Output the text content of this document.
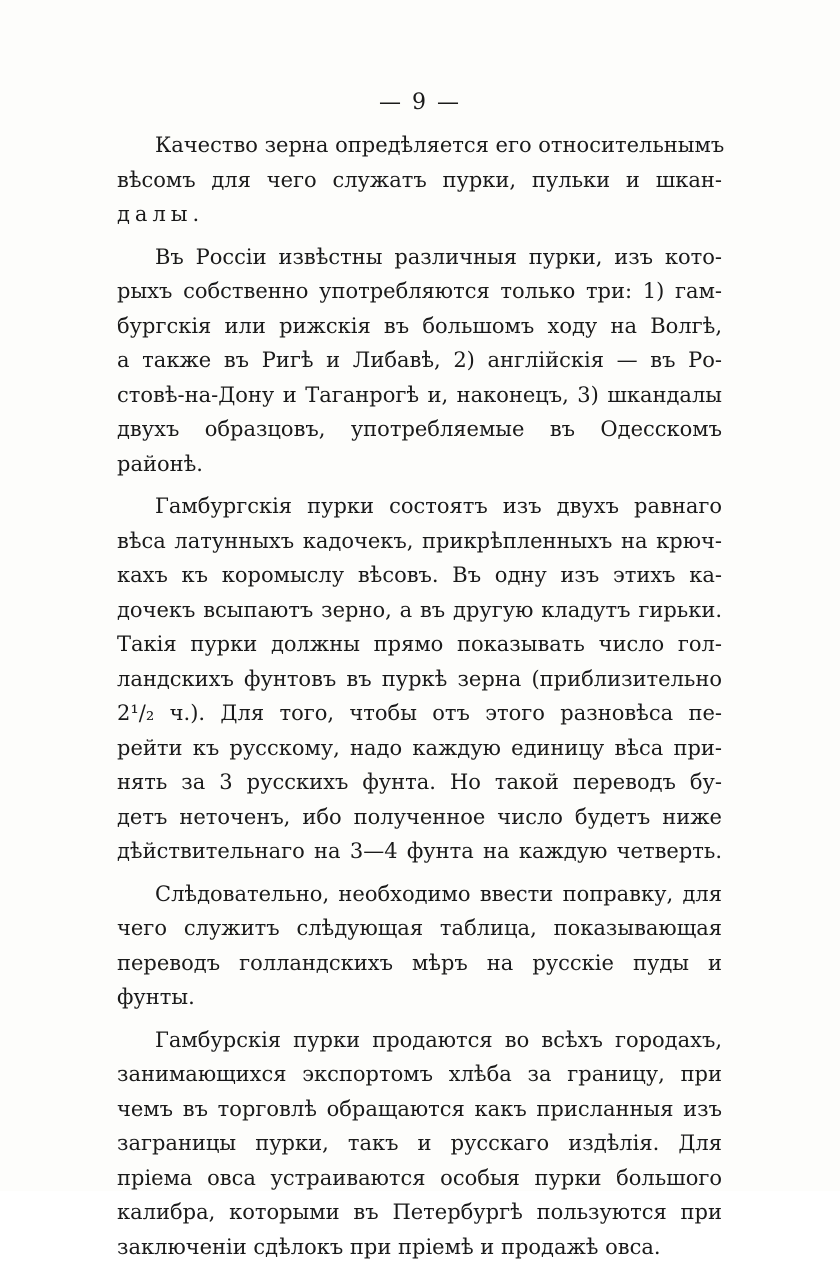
— 9 —

Качество зерна опредѣляется его относительнымъ
вѣсомъ для чего служатъ пурки, пульки и шкан-
далы.

Въ Россіи извѣстны различныя пурки, изъ кото-
рыхъ собственно употребляются только три: 1) гам-
бургскія или рижскія въ большомъ ходу на Волгѣ,
а также въ Ригѣ и Либавѣ, 2) англійскія — въ Ро-
стовѣ-на-Дону и Таганрогѣ и, наконецъ, 3) шкандалы
двухъ образцовъ, употребляемые въ Одесскомъ
районѣ.

Гамбургскія пурки состоятъ изъ двухъ равнаго
вѣса латунныхъ кадочекъ, прикрѣпленныхъ на крюч-
кахъ къ коромыслу вѣсовъ. Въ одну изъ этихъ ка-
дочекъ всыпаютъ зерно, а въ другую кладутъ гирьки.
Такія пурки должны прямо показывать число гол-
ландскихъ фунтовъ въ пуркѣ зерна (приблизительно
2¹/₂ ч.). Для того, чтобы отъ этого разновѣса пе-
рейти къ русскому, надо каждую единицу вѣса при-
нять за 3 русскихъ фунта. Но такой переводъ бу-
детъ неточенъ, ибо полученное число будетъ ниже
дѣйствительнаго на 3—4 фунта на каждую четверть.

Слѣдовательно, необходимо ввести поправку, для
чего служитъ слѣдующая таблица, показывающая
переводъ голландскихъ мѣръ на русскіе пуды и
фунты.

Гамбурскія пурки продаются во всѣхъ городахъ,
занимающихся экспортомъ хлѣба за границу, при
чемъ въ торговлѣ обращаются какъ присланныя изъ
заграницы пурки, такъ и русскаго издѣлія. Для
пріема овса устраиваются особыя пурки большого
калибра, которыми въ Петербургѣ пользуются при
заключеніи сдѣлокъ при пріемѣ и продажѣ овса.
